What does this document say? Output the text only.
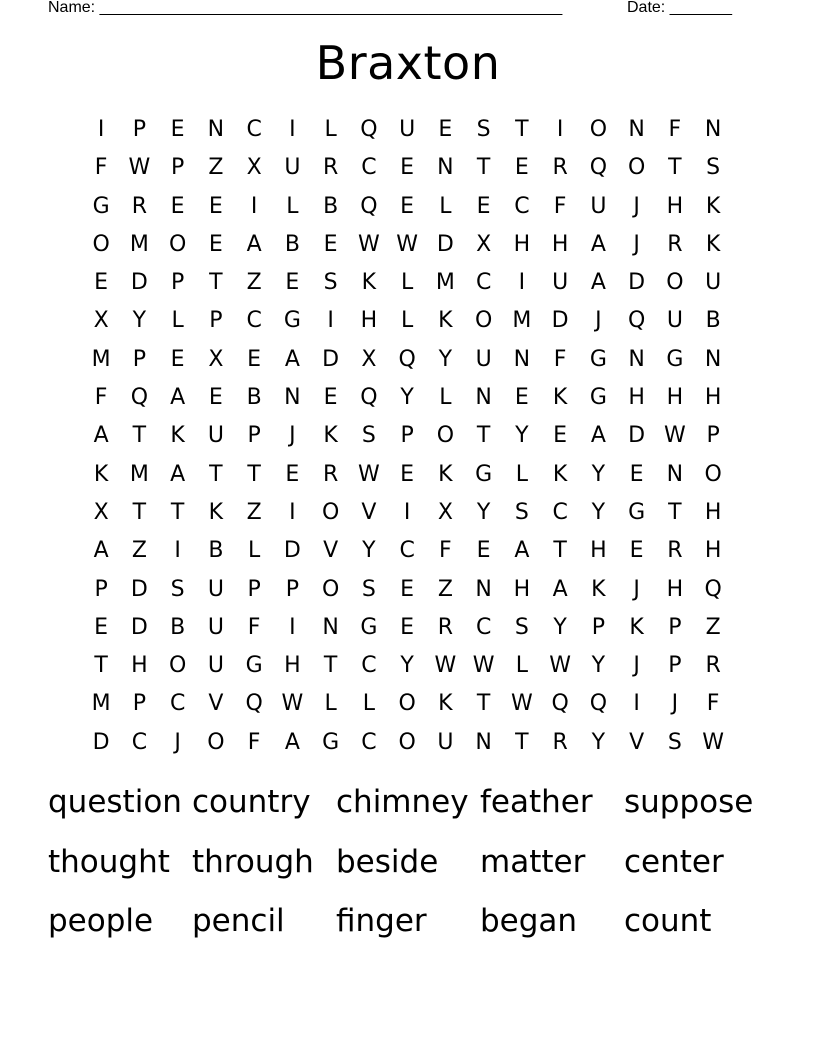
Name: ____________________________________________________	Date: _______
Braxton
I	P	E	N	C	I	L	Q U	E	S	T	I	O N	F	N
F W P	Z	X	U	R	C	E	N	T	E	R Q O	T	S
G	R	E	E	I	L	B	Q	E	L	E	C	F	U	J	H	K
O M O	E	A	B	E W W D	X	H H	A	J	R	K
E	D	P	T	Z	E	S	K	L	M C	I	U	A	D O U
X	Y	L	P	C	G	I	H	L	K	O M D	J	Q U	B
M	P	E	X	E	A	D	X	Q	Y	U N	F	G N G N
F	Q	A	E	B	N	E	Q	Y	L	N	E	K	G H H H
A	T	K	U	P	J	K	S	P	O	T	Y	E	A	D W P
K M A	T	T	E	R W E	K	G	L	K	Y	E	N O
X	T	T	K	Z	I	O	V	I	X	Y	S	C	Y	G	T	H
A	Z	I	B	L	D	V	Y	C	F	E	A	T	H	E	R	H
P	D	S	U	P	P	O	S	E	Z	N H	A	K	J	H Q
E	D	B	U	F	I	N G	E	R	C	S	Y	P	K	P	Z
T	H O U G H	T	C	Y W W L W Y	J	P	R
M	P	C	V	Q W L	L	O	K	T W Q Q	I	J	F
D	C	J	O	F	A	G	C O U N	T	R	Y	V	S W
question country chimney feather	suppose
thought through beside	matter	center
people	pencil	finger	began	count
